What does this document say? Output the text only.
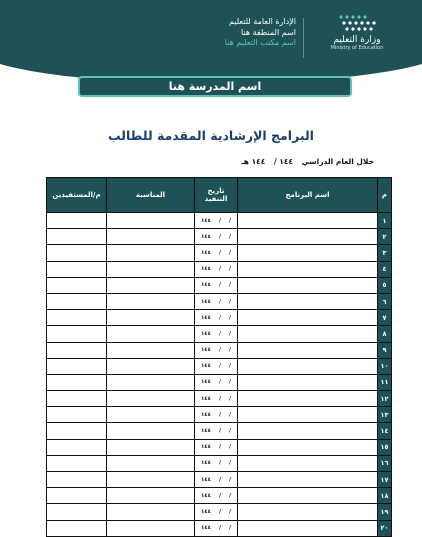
وزارة التعليم
Ministry of Education
الإدارة العامة للتعليم
اسم المنطقة هنا
اسم مكتب التعليم هنا
اسم المدرسة هنا
البرامج الإرشادية المقدمة للطالب
خلال العام الدراسي ١٤٤ / ١٤٤ هـ
م	اسم البرنامج	تاريخ التنفيذ	المناسبة	م/المستفيدين
١		//١٤٤		
٢		//١٤٤		
٣		//١٤٤		
٤		//١٤٤		
٥		//١٤٤		
٦		//١٤٤		
٧		//١٤٤		
٨		//١٤٤		
٩		//١٤٤		
١٠		//١٤٤		
١١		//١٤٤		
١٢		//١٤٤		
١٣		//١٤٤		
١٤		//١٤٤		
١٥		//١٤٤		
١٦		//١٤٤		
١٧		//١٤٤		
١٨		//١٤٤		
١٩		//١٤٤		
٢٠		//١٤٤		
